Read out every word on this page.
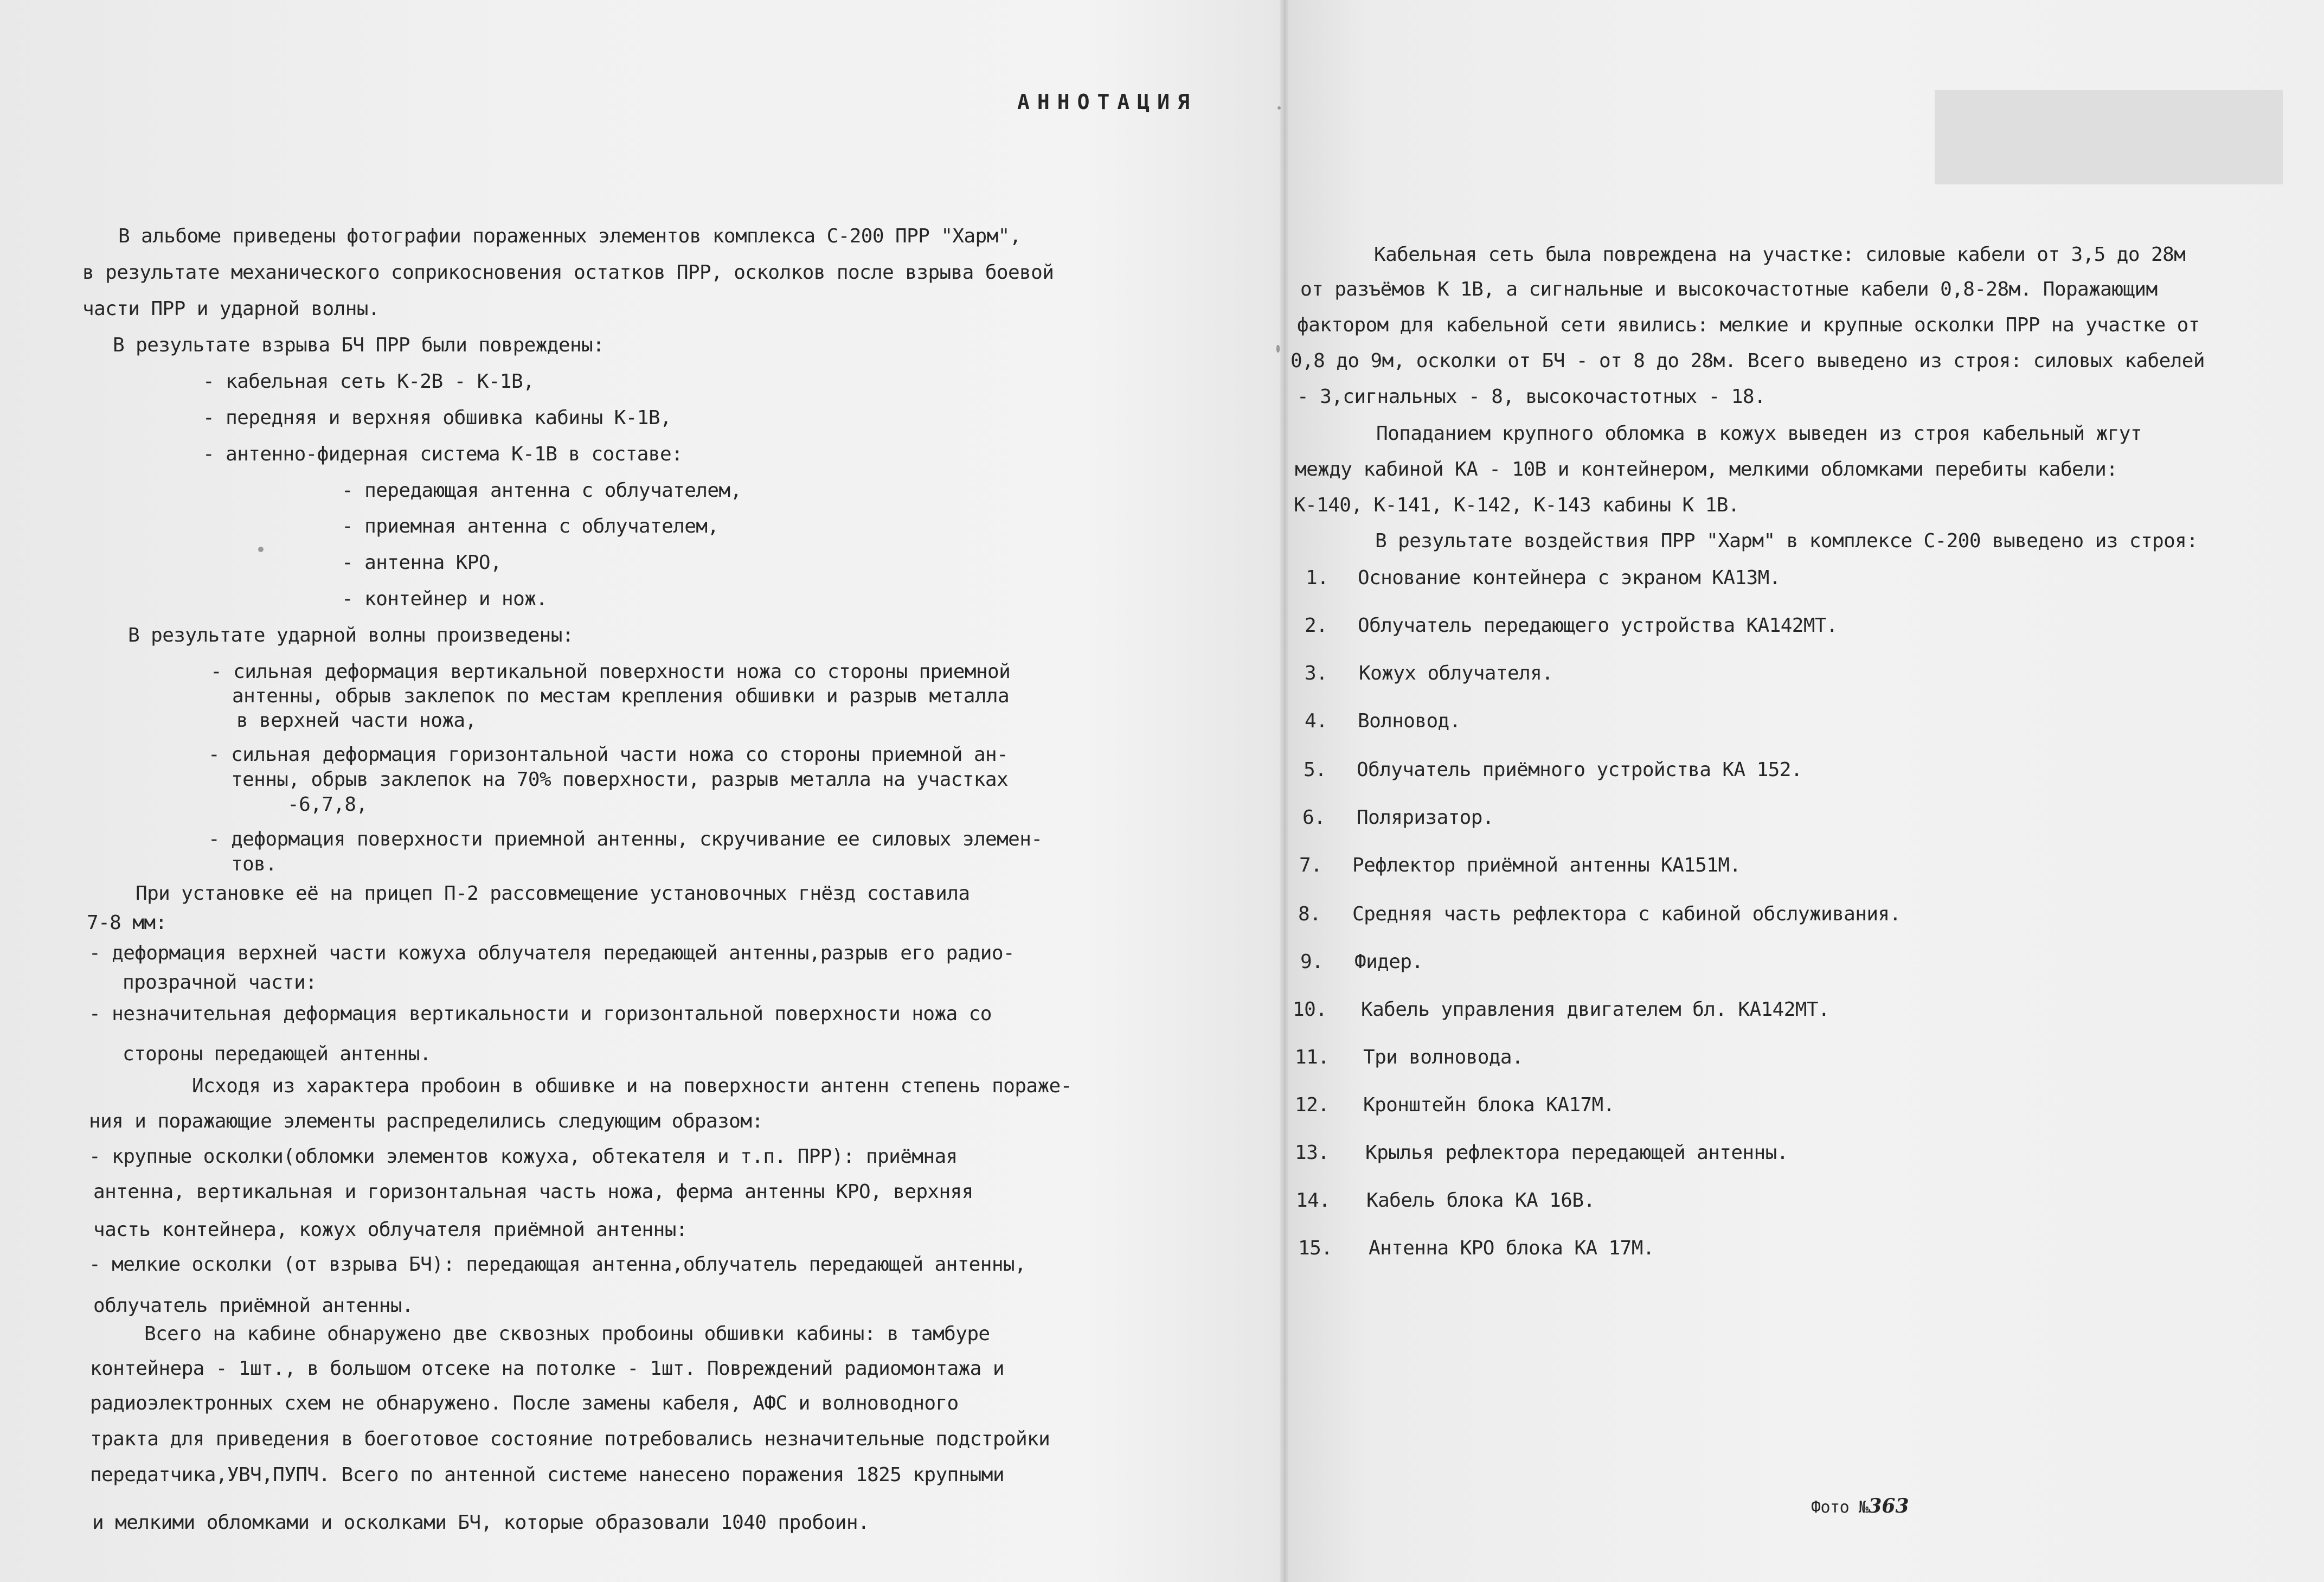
АННОТАЦИЯ
В альбоме приведены фотографии пораженных элементов комплекса С-200 ПРР "Харм",
в результате механического соприкосновения остатков ПРР, осколков после взрыва боевой
части ПРР и ударной волны.
В результате взрыва БЧ ПРР были повреждены:
- кабельная сеть К-2В - К-1В,
- передняя и верхняя обшивка кабины К-1В,
- антенно-фидерная система К-1В в составе:
- передающая антенна с облучателем,
- приемная антенна с облучателем,
- антенна КРО,
- контейнер и нож.
В результате ударной волны произведены:
- сильная деформация вертикальной поверхности ножа со стороны приемной
антенны, обрыв заклепок по местам крепления обшивки и разрыв металла
в верхней части ножа,
- сильная деформация горизонтальной части ножа со стороны приемной ан-
тенны, обрыв заклепок на 70% поверхности, разрыв металла на участках
-6,7,8,
- деформация поверхности приемной антенны, скручивание ее силовых элемен-
тов.
При установке её на прицеп П-2 рассовмещение установочных гнёзд составила
7-8 мм:
- деформация верхней части кожуха облучателя передающей антенны,разрыв его радио-
прозрачной части:
- незначительная деформация вертикальности и горизонтальной поверхности ножа со
стороны передающей антенны.
Исходя из характера пробоин в обшивке и на поверхности антенн степень пораже-
ния и поражающие элементы распределились следующим образом:
- крупные осколки(обломки элементов кожуха, обтекателя и т.п. ПРР): приёмная
антенна, вертикальная и горизонтальная часть ножа, ферма антенны КРО, верхняя
часть контейнера, кожух облучателя приёмной антенны:
- мелкие осколки (от взрыва БЧ): передающая антенна,облучатель передающей антенны,
облучатель приёмной антенны.
Всего на кабине обнаружено две сквозных пробоины обшивки кабины: в тамбуре
контейнера - 1шт., в большом отсеке на потолке - 1шт. Повреждений радиомонтажа и
радиоэлектронных схем не обнаружено. После замены кабеля, АФС и волноводного
тракта для приведения в боеготовое состояние потребовались незначительные подстройки
передатчика,УВЧ,ПУПЧ. Всего по антенной системе нанесено поражения 1825 крупными
и мелкими обломками и осколками БЧ, которые образовали 1040 пробоин.
Кабельная сеть была повреждена на участке: силовые кабели от 3,5 до 28м
от разъёмов К 1В, а сигнальные и высокочастотные кабели 0,8-28м. Поражающим
фактором для кабельной сети явились: мелкие и крупные осколки ПРР на участке от
0,8 до 9м, осколки от БЧ - от 8 до 28м. Всего выведено из строя: силовых кабелей
- 3,сигнальных - 8, высокочастотных - 18.
Попаданием крупного обломка в кожух выведен из строя кабельный жгут
между кабиной КА - 10В и контейнером, мелкими обломками перебиты кабели:
К-140, К-141, К-142, К-143 кабины К 1В.
В результате воздействия ПРР "Харм" в комплексе С-200 выведено из строя:
1. Основание контейнера с экраном КА13М.
2. Облучатель передающего устройства КА142МТ.
3. Кожух облучателя.
4. Волновод.
5. Облучатель приёмного устройства КА 152.
6. Поляризатор.
7. Рефлектор приёмной антенны КА151М.
8. Средняя часть рефлектора с кабиной обслуживания.
9. Фидер.
10. Кабель управления двигателем бл. КА142МТ.
11. Три волновода.
12. Кронштейн блока КА17М.
13. Крылья рефлектора передающей антенны.
14. Кабель блока КА 16В.
15. Антенна КРО блока КА 17М.
Фото №363
